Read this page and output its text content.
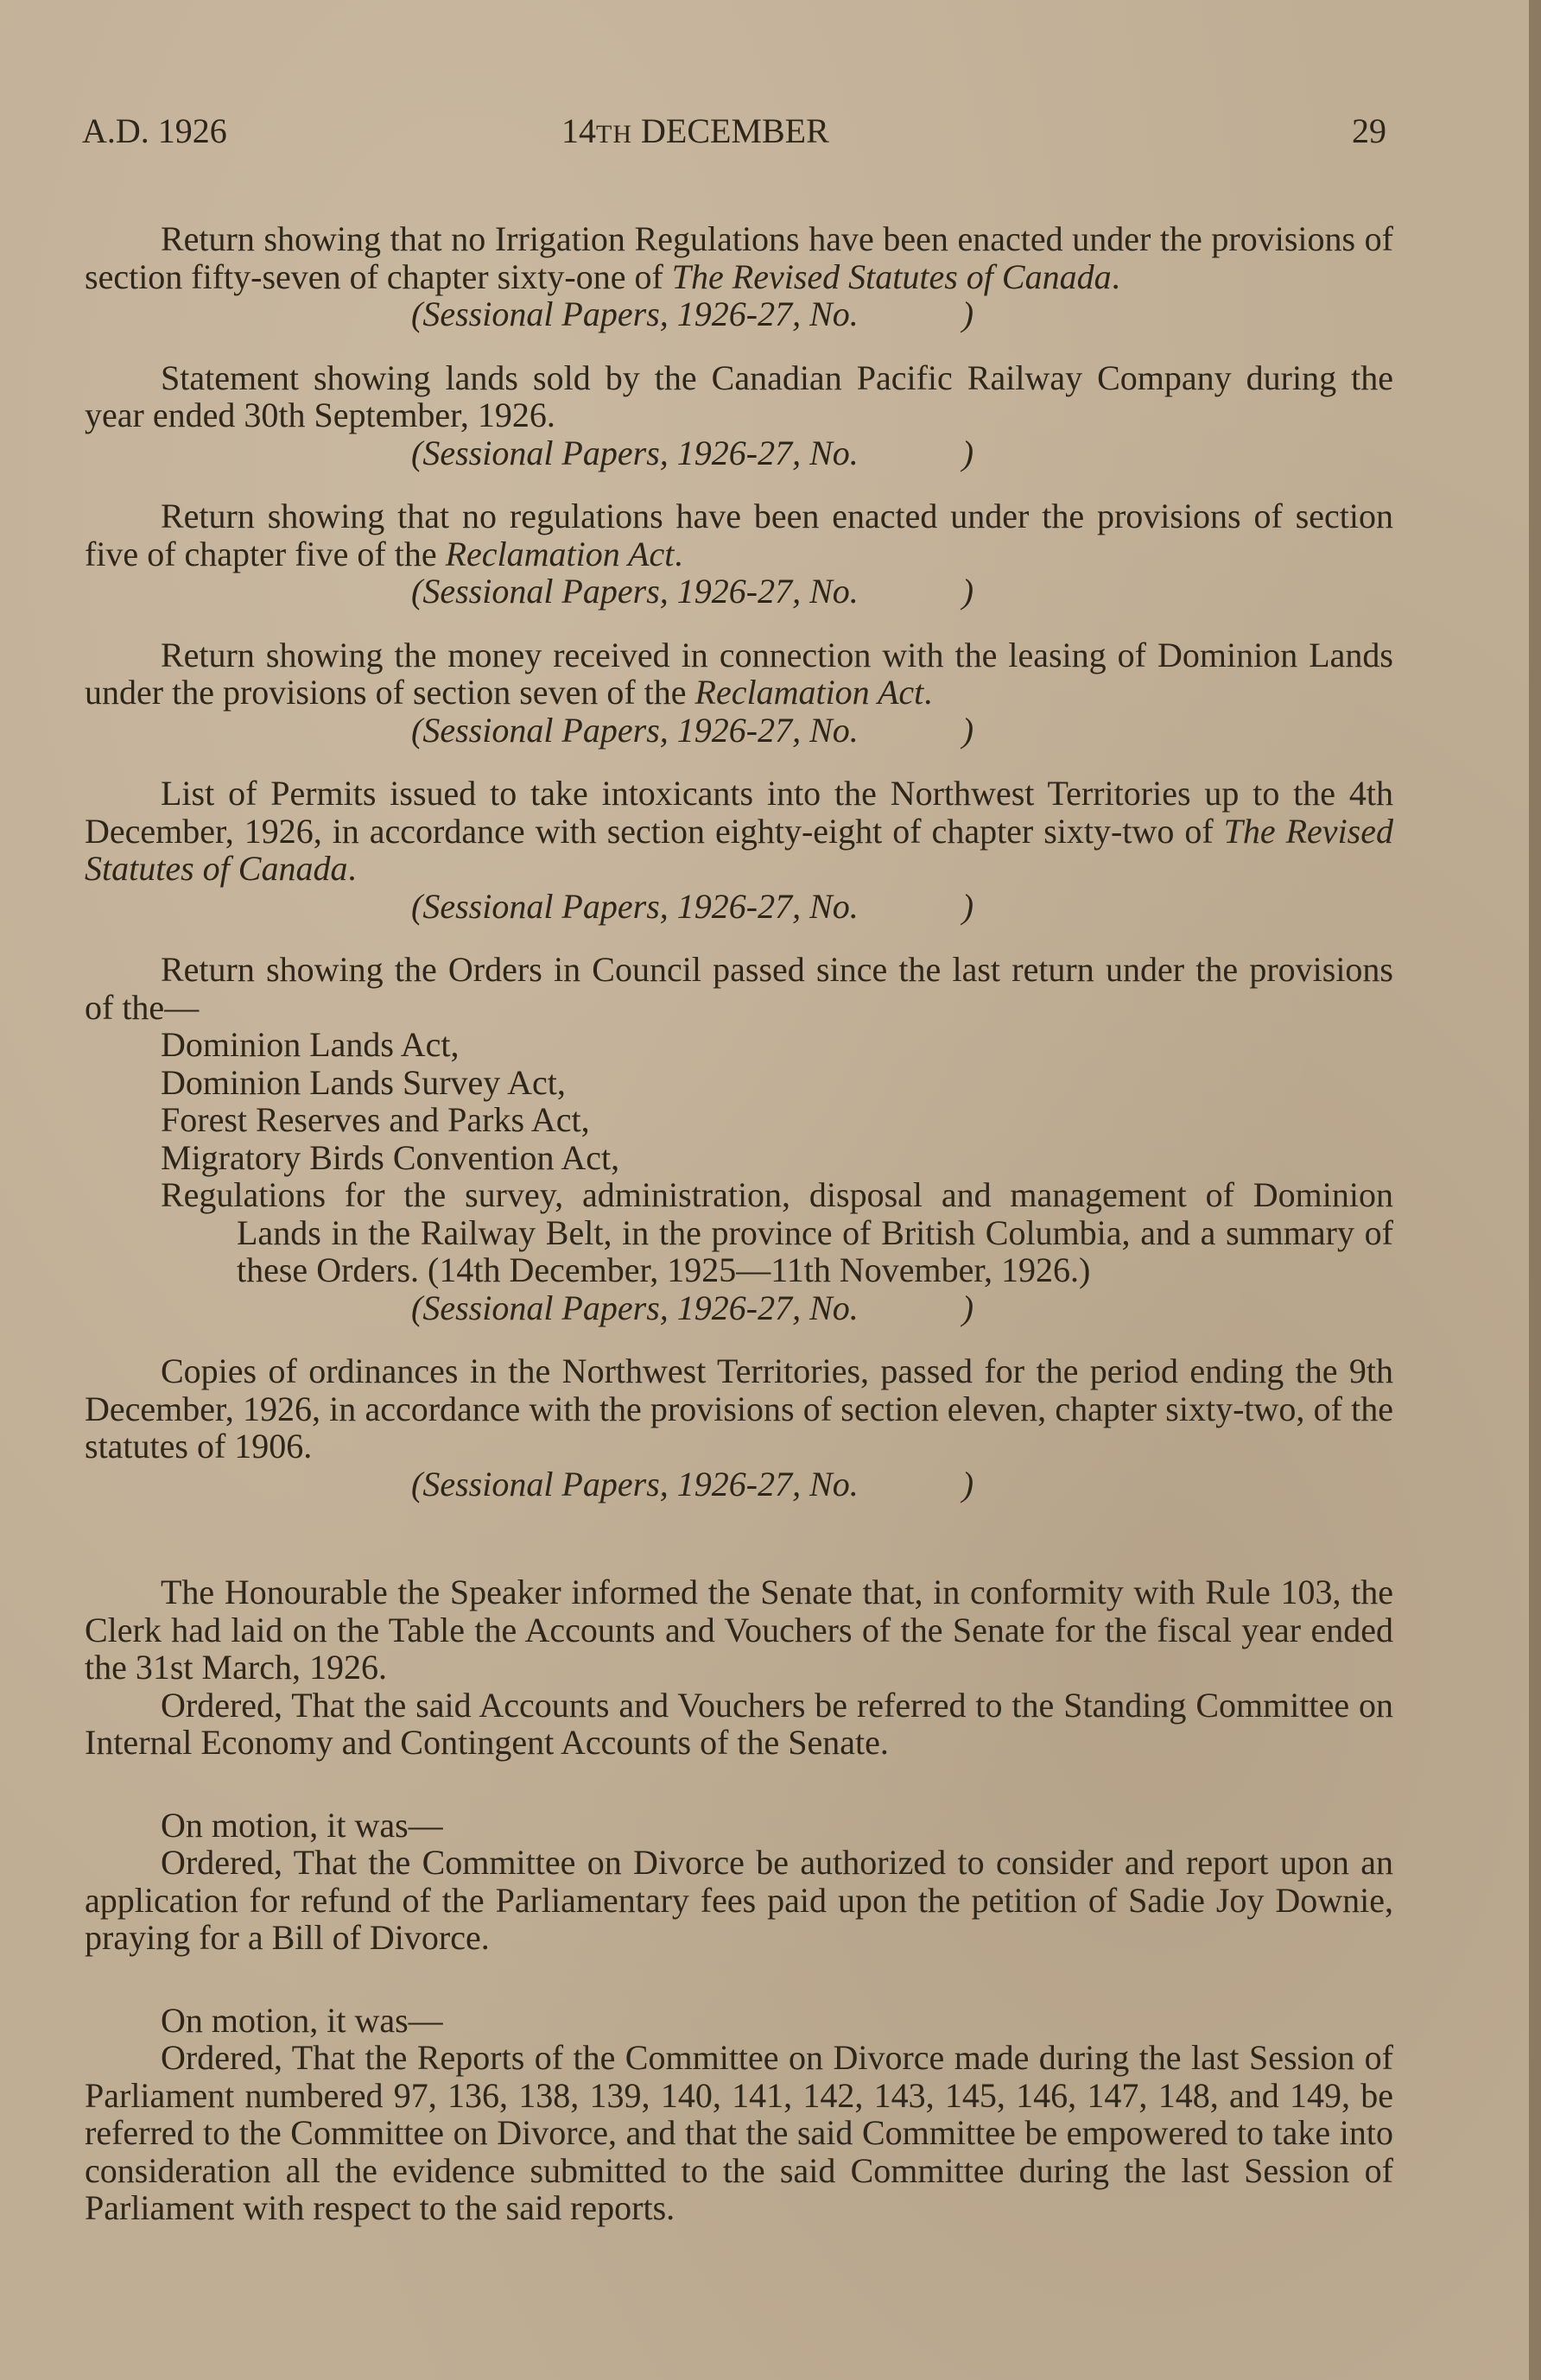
A.D. 1926	14TH DECEMBER	29

Return showing that no Irrigation Regulations have been enacted under the provisions of section fifty-seven of chapter sixty-one of The Revised Statutes of Canada.

(Sessional Papers, 1926-27, No.	)

Statement showing lands sold by the Canadian Pacific Railway Company during the year ended 30th September, 1926.

(Sessional Papers, 1926-27, No.	)

Return showing that no regulations have been enacted under the provisions of section five of chapter five of the Reclamation Act.

(Sessional Papers, 1926-27, No.	)

Return showing the money received in connection with the leasing of Dominion Lands under the provisions of section seven of the Reclamation Act.

(Sessional Papers, 1926-27, No.	)

List of Permits issued to take intoxicants into the Northwest Territories up to the 4th December, 1926, in accordance with section eighty-eight of chapter sixty-two of The Revised Statutes of Canada.

(Sessional Papers, 1926-27, No.	)

Return showing the Orders in Council passed since the last return under the provisions of the—

Dominion Lands Act,
Dominion Lands Survey Act,
Forest Reserves and Parks Act,
Migratory Birds Convention Act,
Regulations for the survey, administration, disposal and management of Dominion Lands in the Railway Belt, in the province of British Columbia, and a summary of these Orders. (14th December, 1925—11th November, 1926.)

(Sessional Papers, 1926-27, No.	)

Copies of ordinances in the Northwest Territories, passed for the period ending the 9th December, 1926, in accordance with the provisions of section eleven, chapter sixty-two, of the statutes of 1906.

(Sessional Papers, 1926-27, No.	)

The Honourable the Speaker informed the Senate that, in conformity with Rule 103, the Clerk had laid on the Table the Accounts and Vouchers of the Senate for the fiscal year ended the 31st March, 1926.

Ordered, That the said Accounts and Vouchers be referred to the Standing Committee on Internal Economy and Contingent Accounts of the Senate.

On motion, it was—

Ordered, That the Committee on Divorce be authorized to consider and report upon an application for refund of the Parliamentary fees paid upon the petition of Sadie Joy Downie, praying for a Bill of Divorce.

On motion, it was—

Ordered, That the Reports of the Committee on Divorce made during the last Session of Parliament numbered 97, 136, 138, 139, 140, 141, 142, 143, 145, 146, 147, 148, and 149, be referred to the Committee on Divorce, and that the said Committee be empowered to take into consideration all the evidence submitted to the said Committee during the last Session of Parliament with respect to the said reports.
